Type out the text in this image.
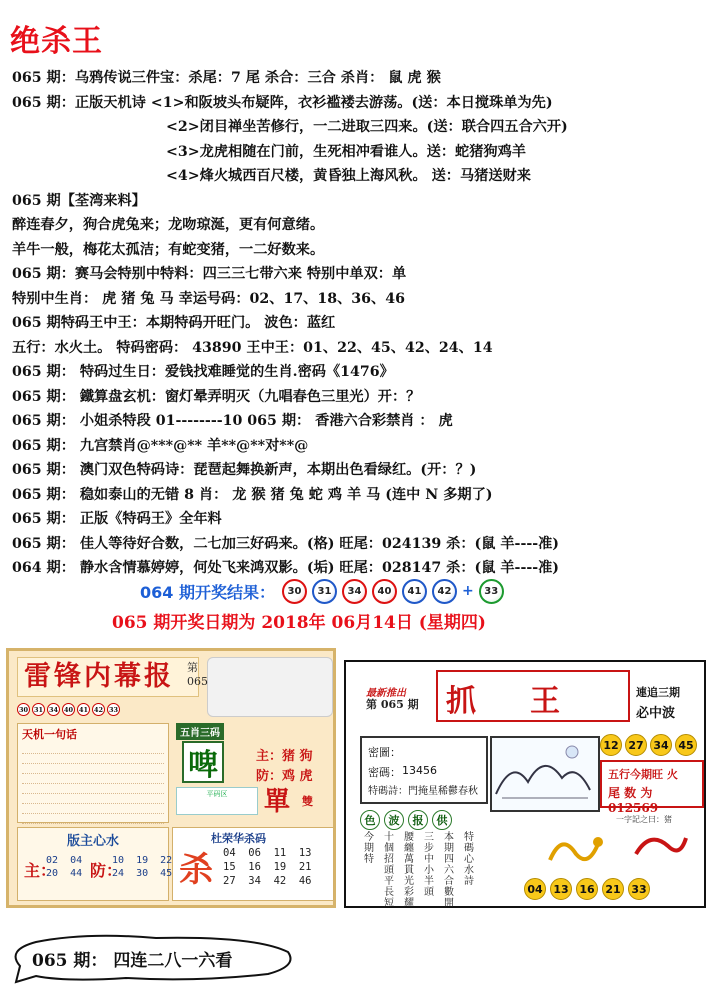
绝杀王
065 期：乌鸦传说三件宝：杀尾：7 尾 杀合：三合 杀肖： 鼠 虎 猴
065 期：正版天机诗 <1>和阪坡头布疑阵，衣衫褴褛去游荡。(送：本日搅珠单为先)
<2>闭目禅坐苦修行，一二进取三四来。(送：联合四五合六开)
<3>龙虎相随在门前，生死相冲看谁人。送：蛇猪狗鸡羊
<4>烽火城西百尺楼，黄昏独上海风秋。 送：马猪送财来
065 期【荃湾来料】
醉连春夕，狗合虎兔来；龙吻琼涎，更有何意绪。
羊牛一般，梅花太孤洁；有蛇变猪，一二好数来。
065 期：赛马会特别中特料：四三三七带六来 特别中单双：单
特别中生肖： 虎 猪 兔 马 幸运号码：02、17、18、36、46
065 期特码王中王：本期特码开旺门。 波色：蓝红
五行：水火土。 特码密码： 43890 王中王：01、22、45、42、24、14
065 期： 特码过生日：爱钱找难睡觉的生肖.密码《1476》
065 期： 鐵算盘玄机：窗灯晕弄明灭（九唱春色三里光）开：？
065 期： 小姐杀特段 01--------10 065 期： 香港六合彩禁肖 ： 虎
065 期： 九宫禁肖@***@** 羊**@**对**@
065 期： 澳门双色特码诗：琵琶起舞换新声，本期出色看绿红。(开：？)
065 期： 稳如泰山的无错 8 肖： 龙 猴 猪 兔 蛇 鸡 羊 马 (连中 N 多期了)
065 期： 正版《特码王》全年料
065 期： 佳人等待好合数，二七加三好码来。(格) 旺尾：024139 杀：(鼠 羊----准)
064 期： 静水含情慕婷婷，何处飞来鸿双影。(垢) 旺尾：028147 杀：(鼠 羊----准)
064 期开奖结果：	30	31	34	40	41	42 +	33
065 期开奖日期为 2018年 06月14日 (星期四)
雷锋内幕报	第
065
30 31 34 40 41 42 33
天机一句话	五肖三码
啤	主：猪 狗
防：鸡 虎
平码区	單 雙
版主心水
主：
02  04
20  44 防：
10  19  22
24  30  45
杜荣华杀码
杀 04  06  11  13
15  16  19  21
27  34  42  46
最新推出
第 065 期 抓 王	連追三期
必中波
密圖：
密碼： 13456
特碼詩： 門掩星稀鬱春秋
12 27 34 45
五行今期旺 火
尾 数 为 012569
色	波	报	供
今期特
十個招頭平長短
腰纏萬貫光彩耀
三步中小半頭
本期四六合數開
特碼心水詩
一字記之曰：猪
04 13 16 21 33
065 期： 四连二八一六看
